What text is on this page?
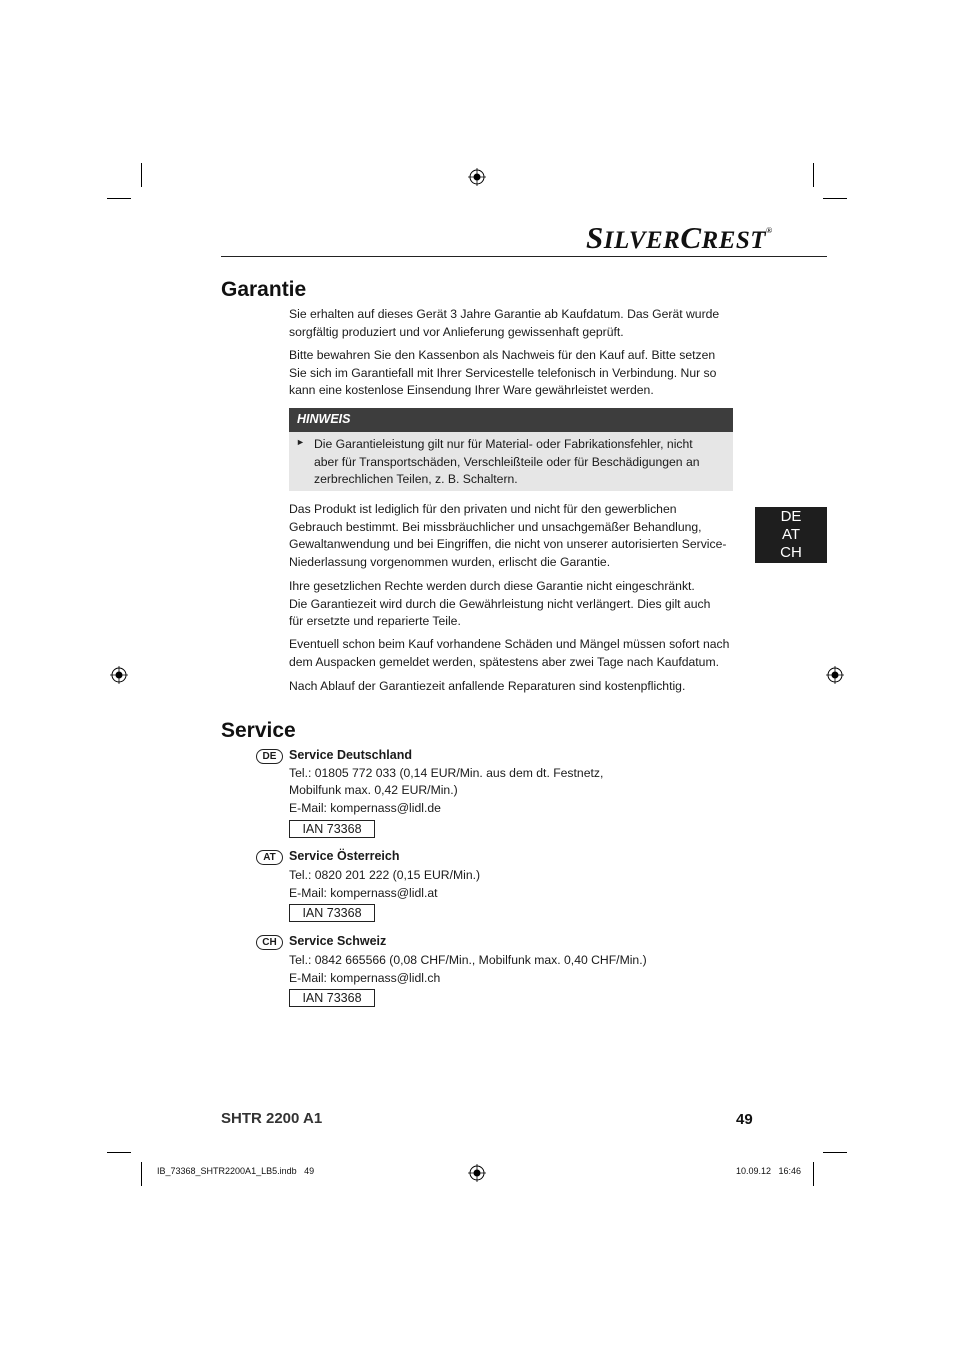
SILVERCREST®
Garantie
Sie erhalten auf dieses Gerät 3 Jahre Garantie ab Kaufdatum. Das Gerät wurde
sorgfältig produziert und vor Anlieferung gewissenhaft geprüft.
Bitte bewahren Sie den Kassenbon als Nachweis für den Kauf auf. Bitte setzen
Sie sich im Garantiefall mit Ihrer Servicestelle telefonisch in Verbindung. Nur so
kann eine kostenlose Einsendung Ihrer Ware gewährleistet werden.
HINWEIS
► Die Garantieleistung gilt nur für Material- oder Fabrikationsfehler, nicht
aber für Transportschäden, Verschleißteile oder für Beschädigungen an
zerbrechlichen Teilen, z. B. Schaltern.
Das Produkt ist lediglich für den privaten und nicht für den gewerblichen
Gebrauch bestimmt. Bei missbräuchlicher und unsachgemäßer Behandlung,
Gewaltanwendung und bei Eingriffen, die nicht von unserer autorisierten Service-
Niederlassung vorgenommen wurden, erlischt die Garantie.
Ihre gesetzlichen Rechte werden durch diese Garantie nicht eingeschränkt.
Die Garantiezeit wird durch die Gewährleistung nicht verlängert. Dies gilt auch
für ersetzte und reparierte Teile.
Eventuell schon beim Kauf vorhandene Schäden und Mängel müssen sofort nach
dem Auspacken gemeldet werden, spätestens aber zwei Tage nach Kaufdatum.
Nach Ablauf der Garantiezeit anfallende Reparaturen sind kostenpflichtig.
DE
AT
CH
Service
DE	Service Deutschland
Tel.: 01805 772 033 (0,14 EUR/Min. aus dem dt. Festnetz,
Mobilfunk max. 0,42 EUR/Min.)
E-Mail: kompernass@lidl.de
IAN 73368
AT	Service Österreich
Tel.: 0820 201 222 (0,15 EUR/Min.)
E-Mail: kompernass@lidl.at
IAN 73368
CH Service Schweiz
Tel.: 0842 665566 (0,08 CHF/Min., Mobilfunk max. 0,40 CHF/Min.)
E-Mail: kompernass@lidl.ch
IAN 73368
SHTR 2200 A1	49
IB_73368_SHTR2200A1_LB5.indb   49	10.09.12   16:46
